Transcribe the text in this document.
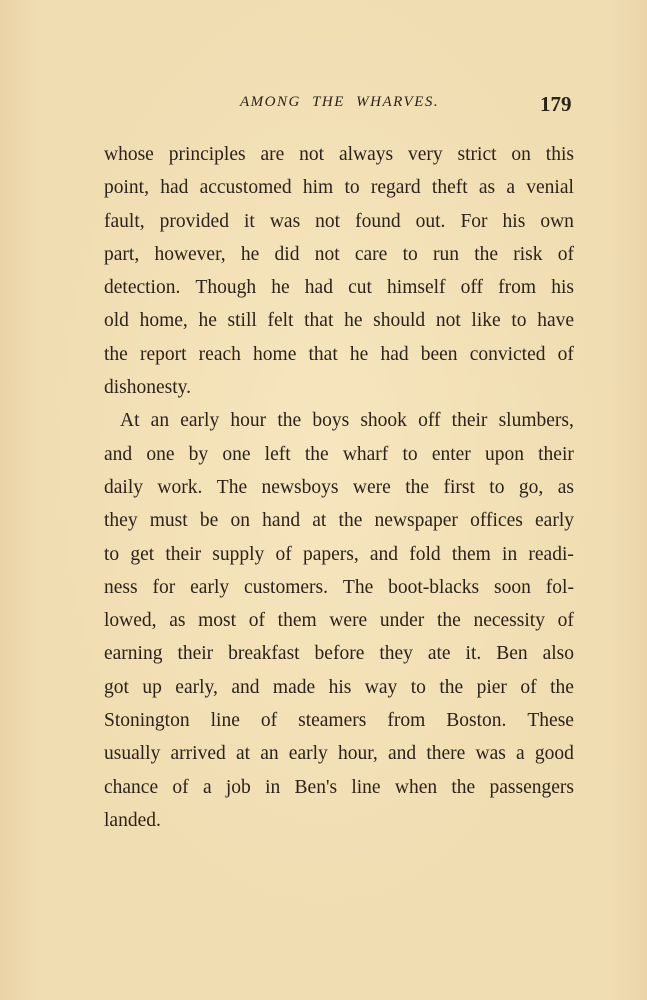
AMONG THE WHARVES.	179
whose principles are not always very strict on this
point, had accustomed him to regard theft as a venial
fault, provided it was not found out. For his own
part, however, he did not care to run the risk of
detection. Though he had cut himself off from his
old home, he still felt that he should not like to have
the report reach home that he had been convicted of
dishonesty.
At an early hour the boys shook off their slumbers,
and one by one left the wharf to enter upon their
daily work. The newsboys were the first to go, as
they must be on hand at the newspaper offices early
to get their supply of papers, and fold them in readi-
ness for early customers. The boot-blacks soon fol-
lowed, as most of them were under the necessity of
earning their breakfast before they ate it. Ben also
got up early, and made his way to the pier of the
Stonington line of steamers from Boston. These
usually arrived at an early hour, and there was a good
chance of a job in Ben's line when the passengers
landed.
